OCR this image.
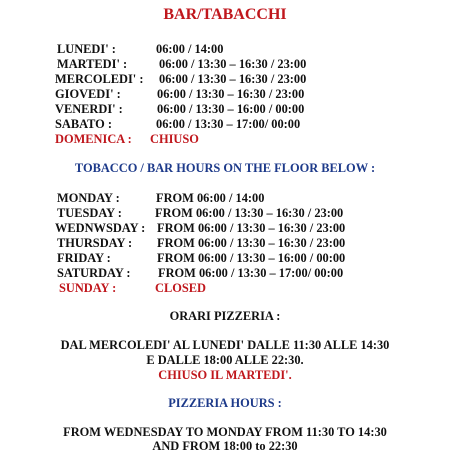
BAR/TABACCHI
LUNEDI' :	06:00 / 14:00
MARTEDI' :	06:00 / 13:30 – 16:30 / 23:00
MERCOLEDI' : 06:00 / 13:30 – 16:30 / 23:00
GIOVEDI' :	06:00 / 13:30 – 16:30 / 23:00
VENERDI' :	06:00 / 13:30 – 16:00 / 00:00
SABATO :	06:00 / 13:30 – 17:00/ 00:00
DOMENICA : CHIUSO
TOBACCO / BAR HOURS ON THE FLOOR BELOW :
MONDAY :	FROM 06:00 / 14:00
TUESDAY :	FROM 06:00 / 13:30 – 16:30 / 23:00
WEDNWSDAY : FROM 06:00 / 13:30 – 16:30 / 23:00
THURSDAY : FROM 06:00 / 13:30 – 16:30 / 23:00
FRIDAY :	FROM 06:00 / 13:30 – 16:00 / 00:00
SATURDAY : FROM 06:00 / 13:30 – 17:00/ 00:00
SUNDAY :	CLOSED
ORARI PIZZERIA :
DAL MERCOLEDI' AL LUNEDI' DALLE 11:30 ALLE 14:30
E DALLE 18:00 ALLE 22:30.
CHIUSO IL MARTEDI'.
PIZZERIA HOURS :
FROM WEDNESDAY TO MONDAY FROM 11:30 TO 14:30
AND FROM 18:00 to 22:30
